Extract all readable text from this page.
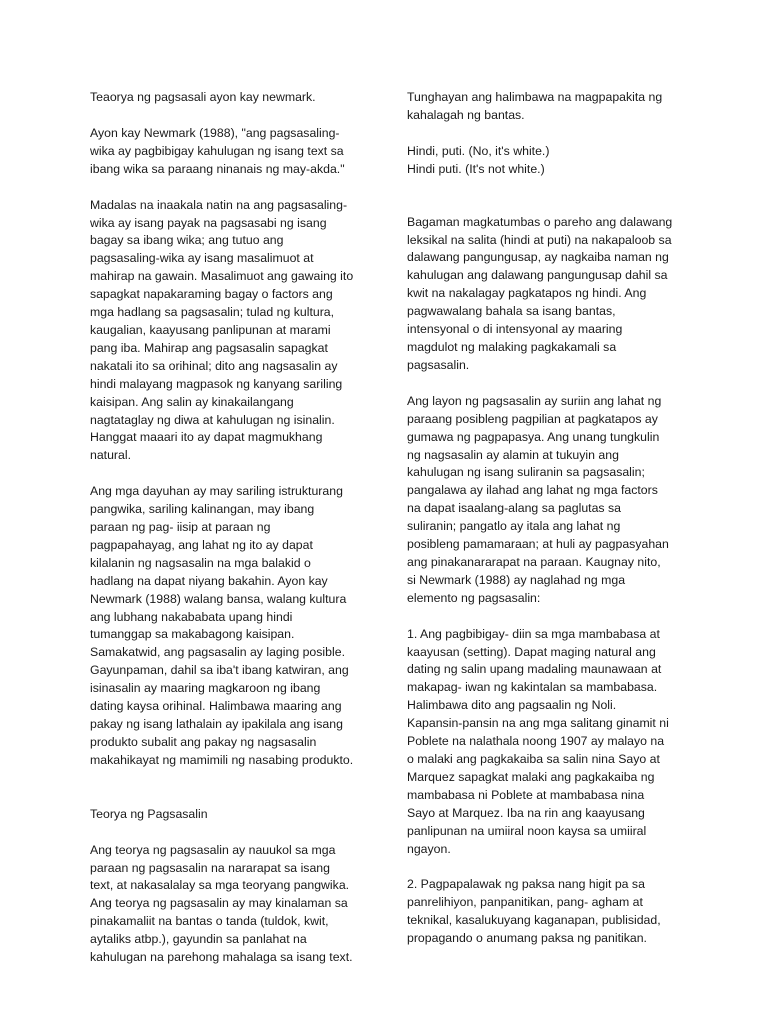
Teaorya ng pagsasali ayon kay newmark.

Ayon kay Newmark (1988), "ang pagsasaling-
wika ay pagbibigay kahulugan ng isang text sa
ibang wika sa paraang ninanais ng may-akda."

Madalas na inaakala natin na ang pagsasaling-
wika ay isang payak na pagsasabi ng isang
bagay sa ibang wika; ang tutuo ang
pagsasaling-wika ay isang masalimuot at
mahirap na gawain. Masalimuot ang gawaing ito
sapagkat napakaraming bagay o factors ang
mga hadlang sa pagsasalin; tulad ng kultura,
kaugalian, kaayusang panlipunan at marami
pang iba. Mahirap ang pagsasalin sapagkat
nakatali ito sa orihinal; dito ang nagsasalin ay
hindi malayang magpasok ng kanyang sariling
kaisipan. Ang salin ay kinakailangang
nagtataglay ng diwa at kahulugan ng isinalin.
Hanggat maaari ito ay dapat magmukhang
natural.

Ang mga dayuhan ay may sariling istrukturang
pangwika, sariling kalinangan, may ibang
paraan ng pag- iisip at paraan ng
pagpapahayag, ang lahat ng ito ay dapat
kilalanin ng nagsasalin na mga balakid o
hadlang na dapat niyang bakahin. Ayon kay
Newmark (1988) walang bansa, walang kultura
ang lubhang nakababata upang hindi
tumanggap sa makabagong kaisipan.
Samakatwid, ang pagsasalin ay laging posible.
Gayunpaman, dahil sa iba't ibang katwiran, ang
isinasalin ay maaring magkaroon ng ibang
dating kaysa orihinal. Halimbawa maaring ang
pakay ng isang lathalain ay ipakilala ang isang
produkto subalit ang pakay ng nagsasalin
makahikayat ng mamimili ng nasabing produkto.

Teorya ng Pagsasalin

Ang teorya ng pagsasalin ay nauukol sa mga
paraan ng pagsasalin na nararapat sa isang
text, at nakasalalay sa mga teoryang pangwika.
Ang teorya ng pagsasalin ay may kinalaman sa
pinakamaliit na bantas o tanda (tuldok, kwit,
aytaliks atbp.), gayundin sa panlahat na
kahulugan na parehong mahalaga sa isang text.

Tunghayan ang halimbawa na magpapakita ng
kahalagah ng bantas.

Hindi, puti. (No, it's white.)

Hindi puti. (It's not white.)

Bagaman magkatumbas o pareho ang dalawang
leksikal na salita (hindi at puti) na nakapaloob sa
dalawang pangungusap, ay nagkaiba naman ng
kahulugan ang dalawang pangungusap dahil sa
kwit na nakalagay pagkatapos ng hindi. Ang
pagwawalang bahala sa isang bantas,
intensyonal o di intensyonal ay maaring
magdulot ng malaking pagkakamali sa
pagsasalin.

Ang layon ng pagsasalin ay suriin ang lahat ng
paraang posibleng pagpilian at pagkatapos ay
gumawa ng pagpapasya. Ang unang tungkulin
ng nagsasalin ay alamin at tukuyin ang
kahulugan ng isang suliranin sa pagsasalin;
pangalawa ay ilahad ang lahat ng mga factors
na dapat isaalang-alang sa paglutas sa
suliranin; pangatlo ay itala ang lahat ng
posibleng pamamaraan; at huli ay pagpasyahan
ang pinakanararapat na paraan. Kaugnay nito,
si Newmark (1988) ay naglahad ng mga
elemento ng pagsasalin:

1. Ang pagbibigay- diin sa mga mambabasa at
kaayusan (setting). Dapat maging natural ang
dating ng salin upang madaling maunawaan at
makapag- iwan ng kakintalan sa mambabasa.
Halimbawa dito ang pagsaalin ng Noli.
Kapansin-pansin na ang mga salitang ginamit ni
Poblete na nalathala noong 1907 ay malayo na
o malaki ang pagkakaiba sa salin nina Sayo at
Marquez sapagkat malaki ang pagkakaiba ng
mambabasa ni Poblete at mambabasa nina
Sayo at Marquez. Iba na rin ang kaayusang
panlipunan na umiiral noon kaysa sa umiiral
ngayon.

2. Pagpapalawak ng paksa nang higit pa sa
panrelihiyon, panpanitikan, pang- agham at
teknikal, kasalukuyang kaganapan, publisidad,
propagando o anumang paksa ng panitikan.
